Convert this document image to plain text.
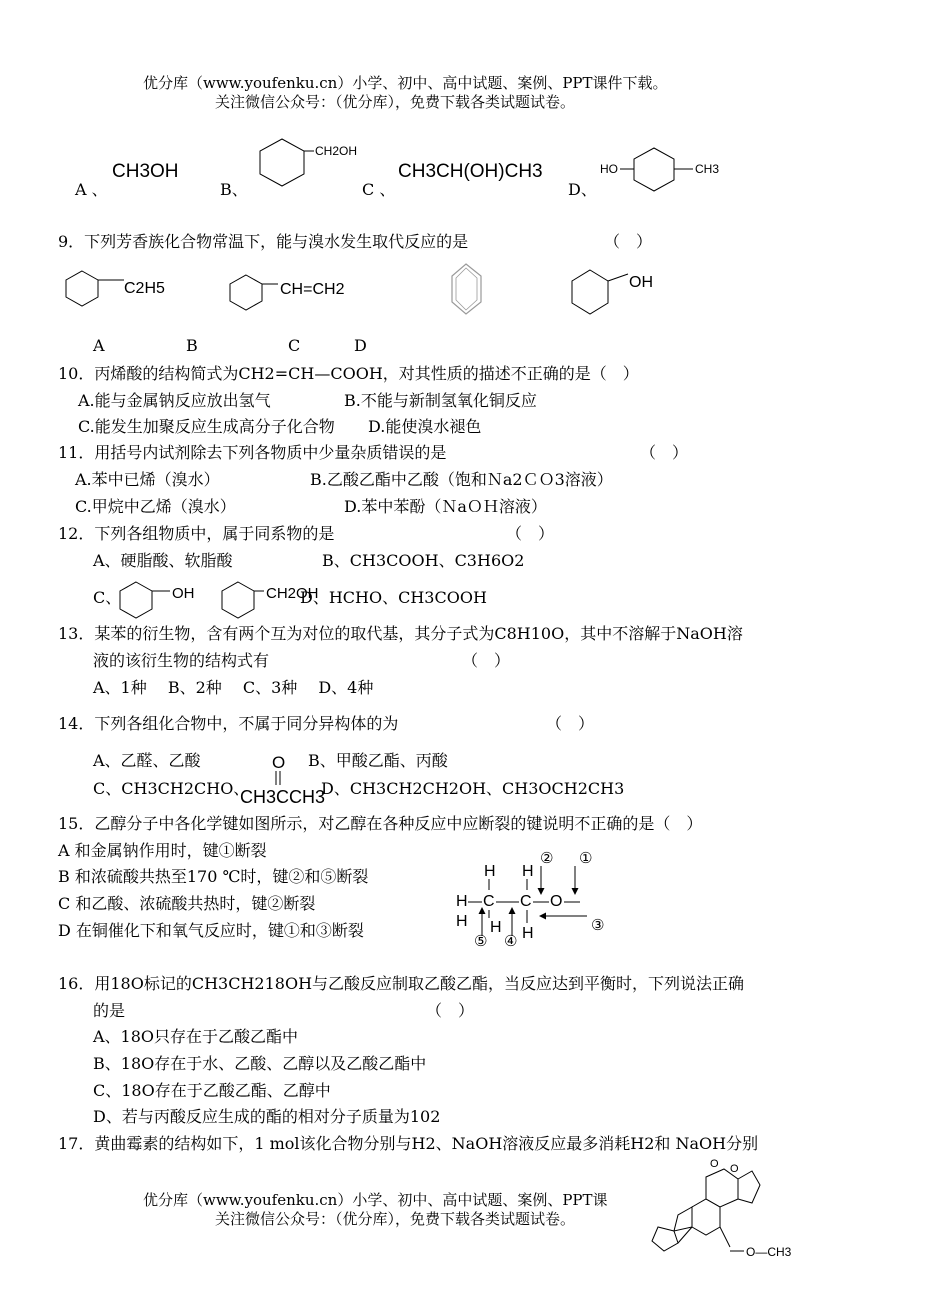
优分库（www.youfenku.cn）小学、初中、高中试题、案例、PPT课件下载。
关注微信公众号：（优分库），免费下载各类试题试卷。
A 、
CH3OH
B、
CH2OH
C 、
CH3CH(OH)CH3
D、
HO	CH3
9．下列芳香族化合物常温下，能与溴水发生取代反应的是	（　）
C2H5	CH=CH2	OH
A	B	C	D
10．丙烯酸的结构简式为CH2=CH—COOH，对其性质的描述不正确的是（　）
A.能与金属钠反应放出氢气	B.不能与新制氢氧化铜反应
C.能发生加聚反应生成高分子化合物 D.能使溴水褪色
11．用括号内试剂除去下列各物质中少量杂质错误的是	（　）
A.苯中已烯（溴水）	B.乙酸乙酯中乙酸（饱和Ｎa2ＣＯ3溶液）
C.甲烷中乙烯（溴水）	D.苯中苯酚（ＮaＯＨ溶液）
12．下列各组物质中，属于同系物的是	（　）
A、硬脂酸、软脂酸	B、CH3COOH、C3H6O2
C、	OH	CH2OH
D、HCHO、CH3COOH
13．某苯的衍生物，含有两个互为对位的取代基，其分子式为C8H10O，其中不溶解于NaOH溶
液的该衍生物的结构式有	（　）
A、1种　 B、2种　 C、3种　 D、4种
14．下列各组化合物中，不属于同分异构体的为	（　）
A、乙醛、乙酸	B、甲酸乙酯、丙酸
C、CH3CH2CHO、
O
CH3CCH3
D、CH3CH2CH2OH、CH3OCH2CH3
15．乙醇分子中各化学键如图所示，对乙醇在各种反应中应断裂的键说明不正确的是（　）
A 和金属钠作用时，键①断裂
B 和浓硫酸共热至170 ℃时，键②和⑤断裂
C 和乙酸、浓硫酸共热时，键②断裂
D 在铜催化下和氧气反应时，键①和③断裂
H H
H C C O
H H H
② ①
③
⑤ ④
16．用18O标记的CH3CH218OH与乙酸反应制取乙酸乙酯，当反应达到平衡时，下列说法正确
的是	（　）
A、18O只存在于乙酸乙酯中
B、18O存在于水、乙酸、乙醇以及乙酸乙酯中
C、18O存在于乙酸乙酯、乙醇中
D、若与丙酸反应生成的酯的相对分子质量为102
17．黄曲霉素的结构如下，1 mol该化合物分别与H2、NaOH溶液反应最多消耗H2和 NaOH分别
优分库（www.youfenku.cn）小学、初中、高中试题、案例、PPT课
关注微信公众号：（优分库），免费下载各类试题试卷。
O O
O—CH3
